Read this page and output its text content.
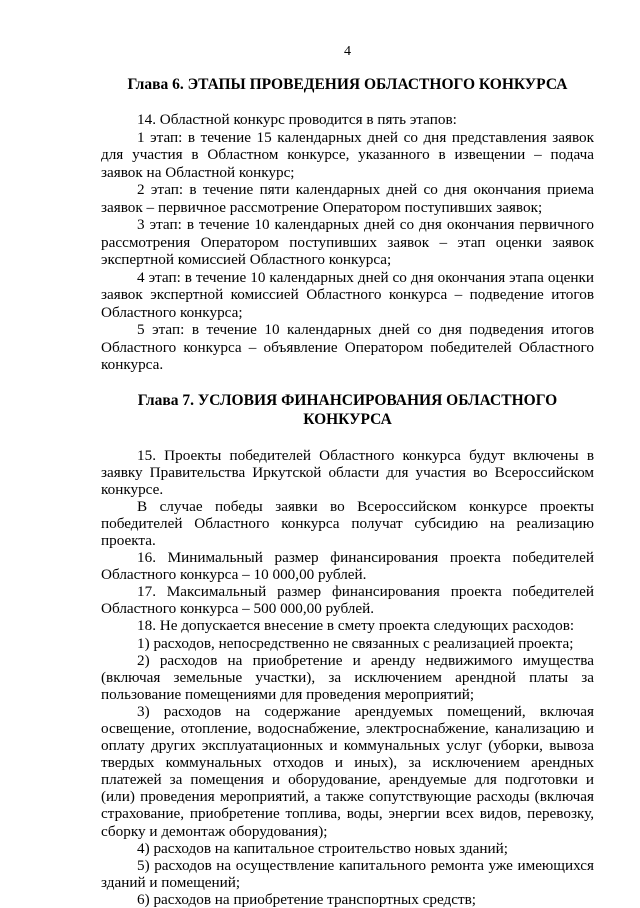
4
Глава 6. ЭТАПЫ ПРОВЕДЕНИЯ ОБЛАСТНОГО КОНКУРСА

14. Областной конкурс проводится в пять этапов:

1 этап: в течение 15 календарных дней со дня представления заявок для участия в Областном конкурсе, указанного в извещении – подача заявок на Областной конкурс;

2 этап: в течение пяти календарных дней со дня окончания приема заявок – первичное рассмотрение Оператором поступивших заявок;

3 этап: в течение 10 календарных дней со дня окончания первичного рассмотрения Оператором поступивших заявок – этап оценки заявок экспертной комиссией Областного конкурса;

4 этап: в течение 10 календарных дней со дня окончания этапа оценки заявок экспертной комиссией Областного конкурса – подведение итогов Областного конкурса;

5 этап: в течение 10 календарных дней со дня подведения итогов Областного конкурса – объявление Оператором победителей Областного конкурса.

Глава 7. УСЛОВИЯ ФИНАНСИРОВАНИЯ ОБЛАСТНОГО КОНКУРСА

15. Проекты победителей Областного конкурса будут включены в заявку Правительства Иркутской области для участия во Всероссийском конкурсе.

В случае победы заявки во Всероссийском конкурсе проекты победителей Областного конкурса получат субсидию на реализацию проекта.

16. Минимальный размер финансирования проекта победителей Областного конкурса – 10 000,00 рублей.

17. Максимальный размер финансирования проекта победителей Областного конкурса – 500 000,00 рублей.

18. Не допускается внесение в смету проекта следующих расходов:

1) расходов, непосредственно не связанных с реализацией проекта;

2) расходов на приобретение и аренду недвижимого имущества (включая земельные участки), за исключением арендной платы за пользование помещениями для проведения мероприятий;

3) расходов на содержание арендуемых помещений, включая освещение, отопление, водоснабжение, электроснабжение, канализацию и оплату других эксплуатационных и коммунальных услуг (уборки, вывоза твердых коммунальных отходов и иных), за исключением арендных платежей за помещения и оборудование, арендуемые для подготовки и (или) проведения мероприятий, а также сопутствующие расходы (включая страхование, приобретение топлива, воды, энергии всех видов, перевозку, сборку и демонтаж оборудования);

4) расходов на капитальное строительство новых зданий;

5) расходов на осуществление капитального ремонта уже имеющихся зданий и помещений;

6) расходов на приобретение транспортных средств;
